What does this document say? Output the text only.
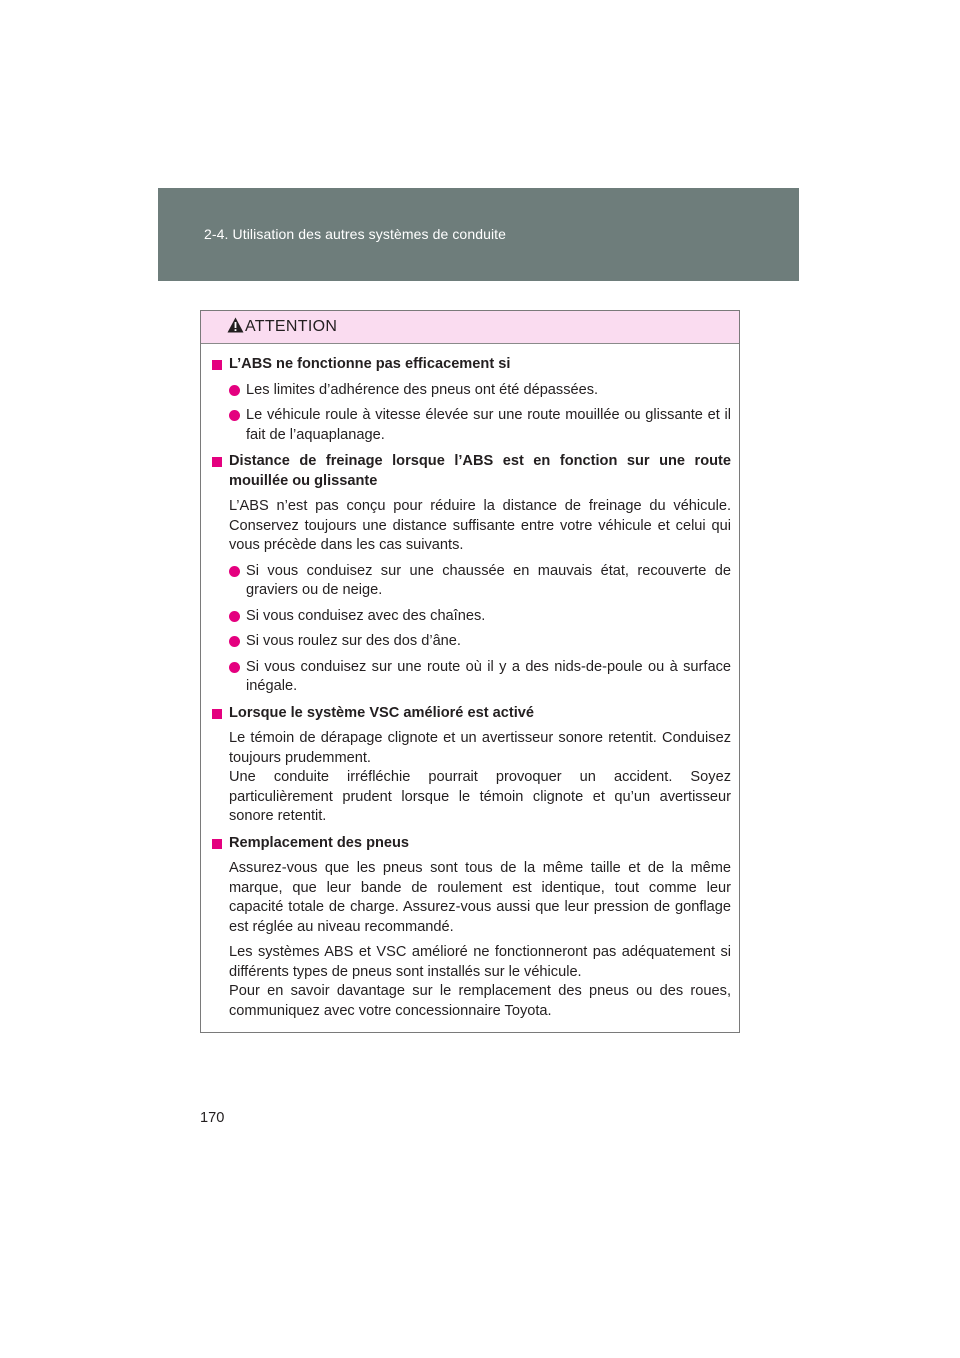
2-4. Utilisation des autres systèmes de conduite
ATTENTION
L’ABS ne fonctionne pas efficacement si
Les limites d’adhérence des pneus ont été dépassées.
Le véhicule roule à vitesse élevée sur une route mouillée ou glissante et il fait de l’aquaplanage.
Distance de freinage lorsque l’ABS est en fonction sur une route mouillée ou glissante
L’ABS n’est pas conçu pour réduire la distance de freinage du véhicule. Conservez toujours une distance suffisante entre votre véhicule et celui qui vous précède dans les cas suivants.
Si vous conduisez sur une chaussée en mauvais état, recouverte de graviers ou de neige.
Si vous conduisez avec des chaînes.
Si vous roulez sur des dos d’âne.
Si vous conduisez sur une route où il y a des nids-de-poule ou à surface inégale.
Lorsque le système VSC amélioré est activé
Le témoin de dérapage clignote et un avertisseur sonore retentit. Conduisez toujours prudemment.
Une conduite irréfléchie pourrait provoquer un accident. Soyez particulièrement prudent lorsque le témoin clignote et qu’un avertisseur sonore retentit.
Remplacement des pneus
Assurez-vous que les pneus sont tous de la même taille et de la même marque, que leur bande de roulement est identique, tout comme leur capacité totale de charge. Assurez-vous aussi que leur pression de gonflage est réglée au niveau recommandé.
Les systèmes ABS et VSC amélioré ne fonctionneront pas adéquatement si différents types de pneus sont installés sur le véhicule.
Pour en savoir davantage sur le remplacement des pneus ou des roues, communiquez avec votre concessionnaire Toyota.
170
